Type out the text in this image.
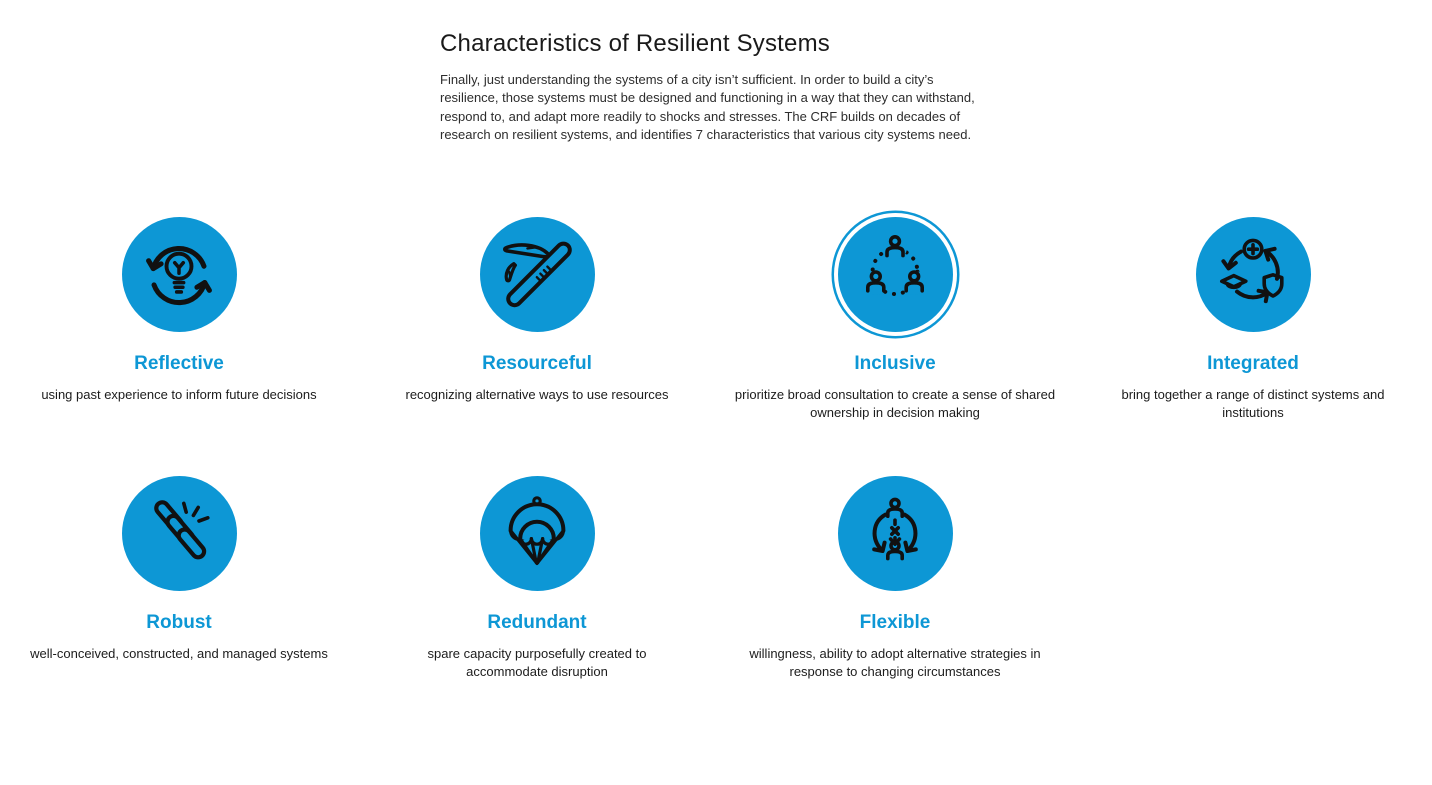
Characteristics of Resilient Systems

Finally, just understanding the systems of a city isn’t sufficient. In order to build a city’s resilience, those systems must be designed and functioning in a way that they can withstand, respond to, and adapt more readily to shocks and stresses. The CRF builds on decades of research on resilient systems, and identifies 7 characteristics that various city systems need.

Reflective

using past experience to inform future decisions

Resourceful

recognizing alternative ways to use resources

Inclusive

prioritize broad consultation to create a sense of shared ownership in decision making

Integrated

bring together a range of distinct systems and institutions

Robust

well-conceived, constructed, and managed systems

Redundant

spare capacity purposefully created to accommodate disruption

Flexible

willingness, ability to adopt alternative strategies in response to changing circumstances
